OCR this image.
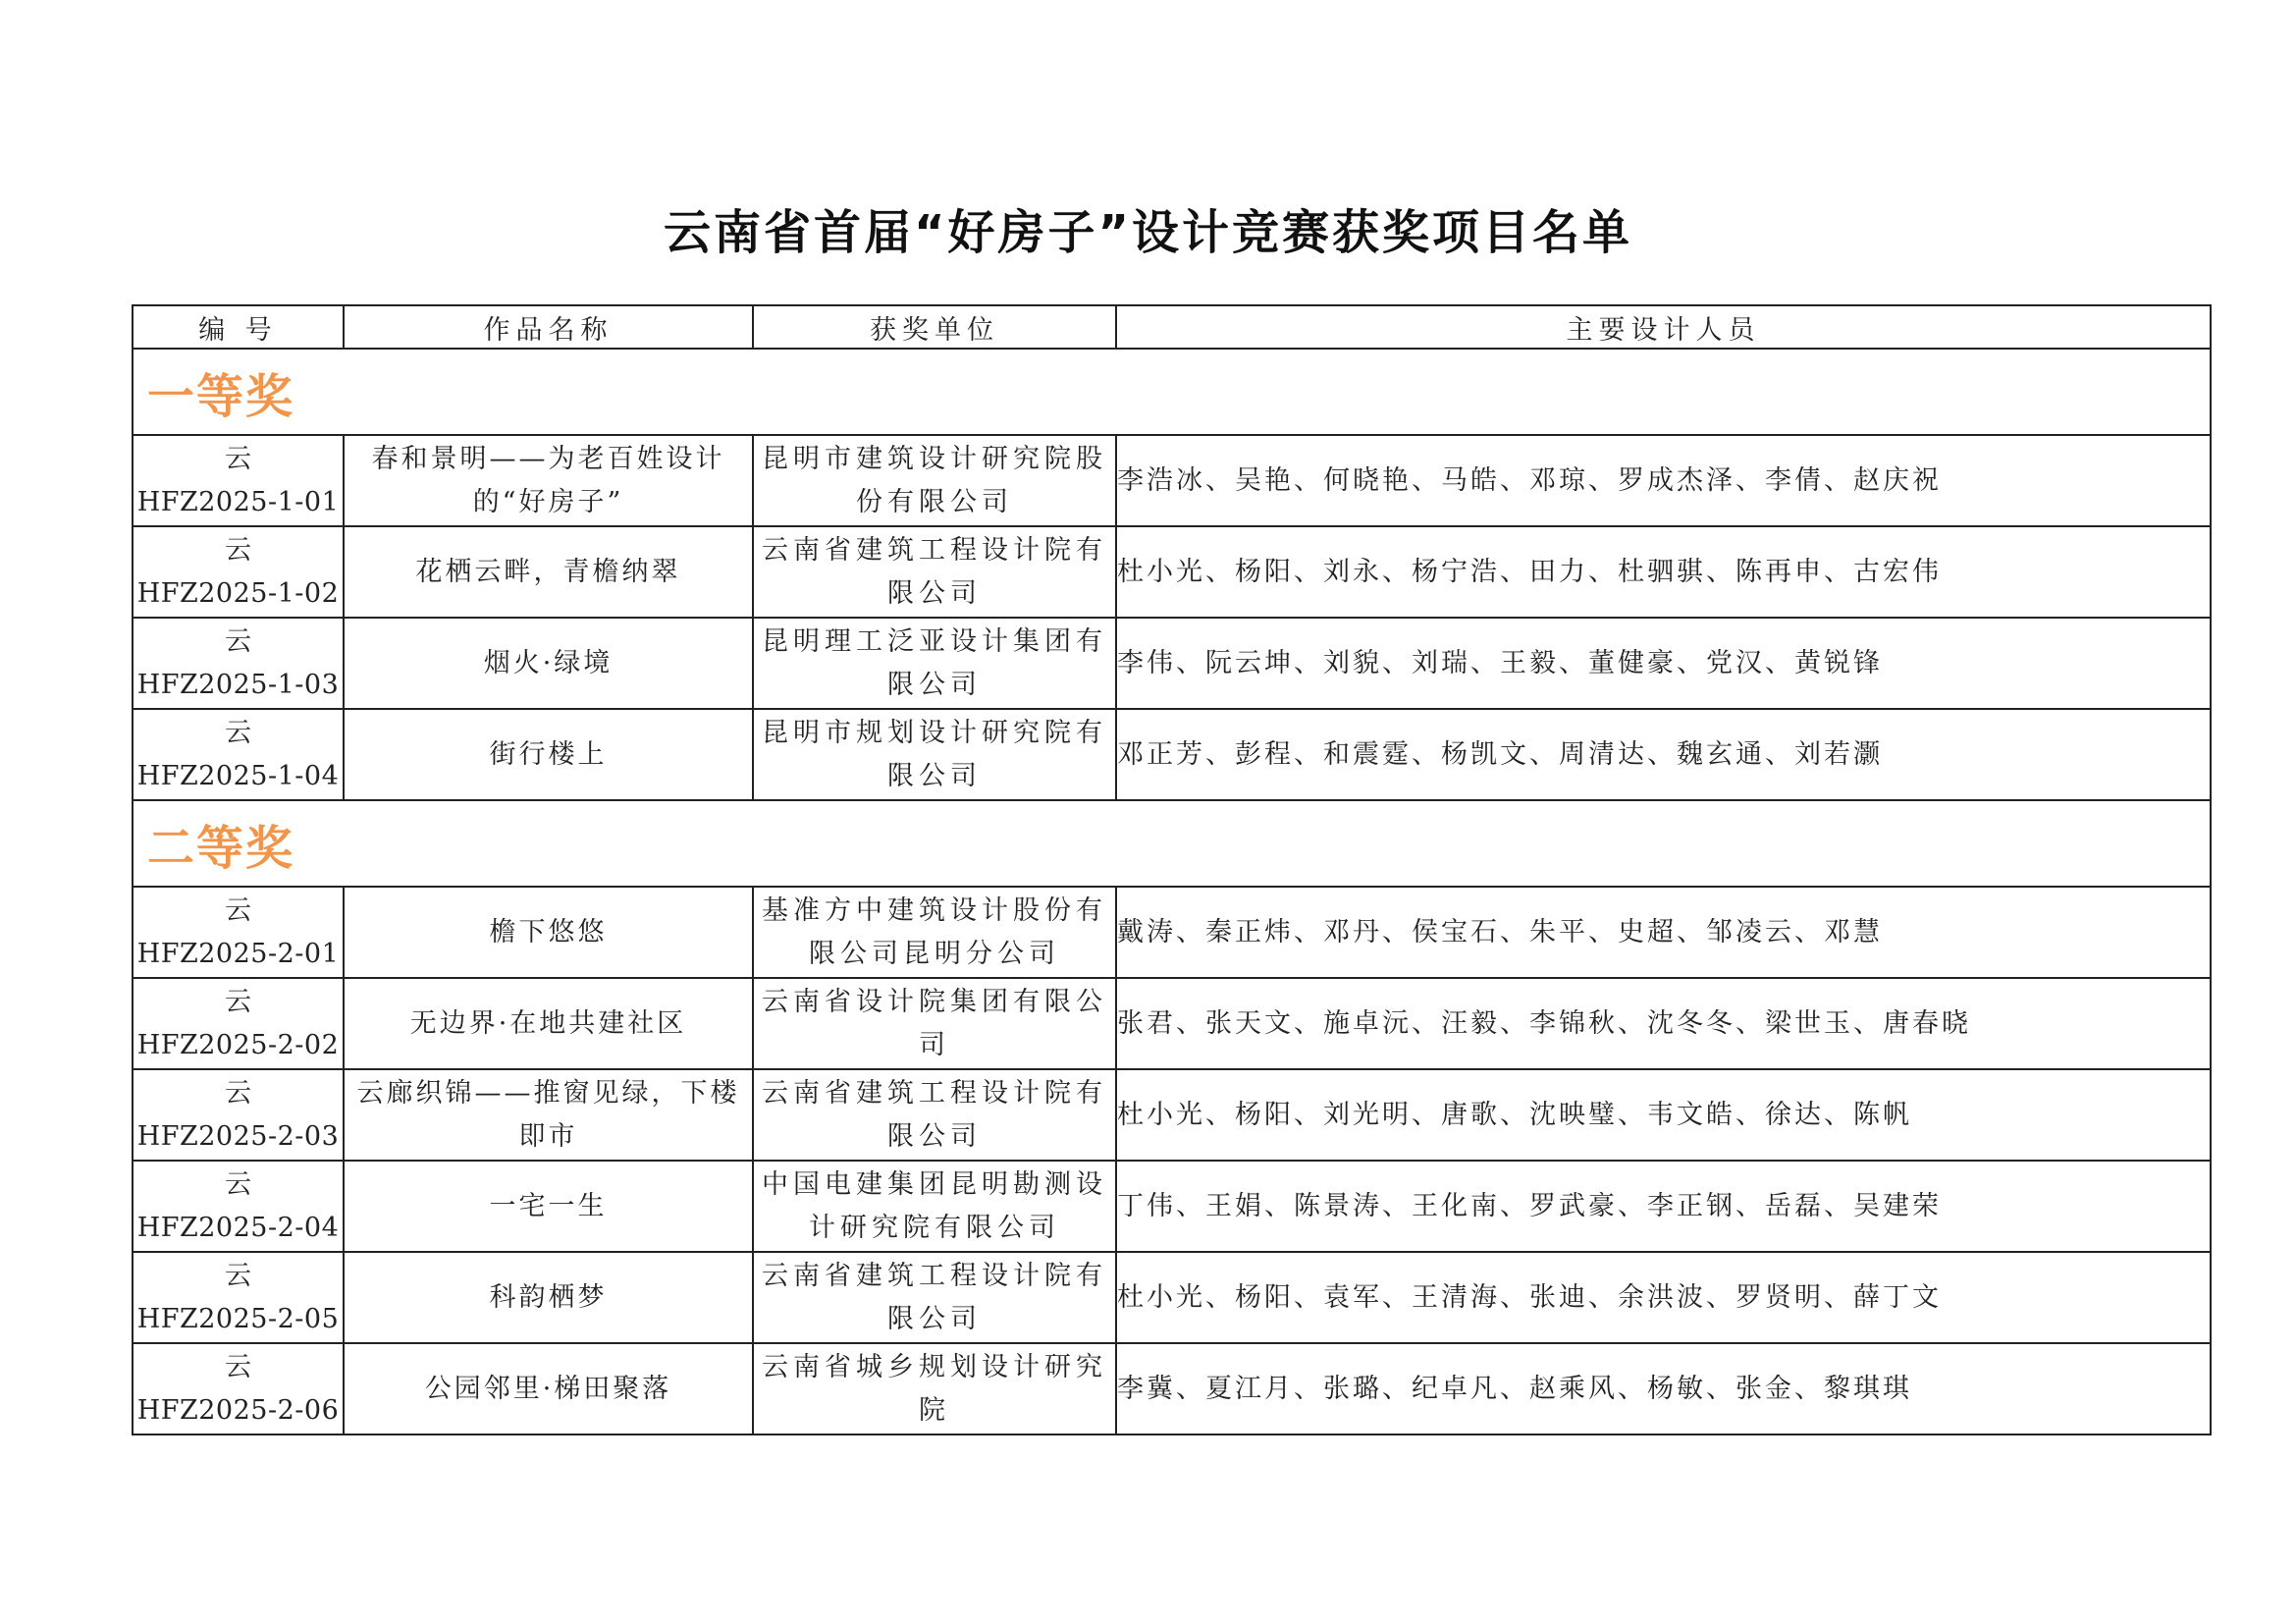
云南省首届“好房子”设计竞赛获奖项目名单
编 号	作品名称	获奖单位	主要设计人员
一等奖			

云
HFZ2025-1-01	春和景明——为老百姓设计的“好房子”	昆明市建筑设计研究院股份有限公司	李浩冰、吴艳、何晓艳、马皓、邓琼、罗成杰泽、李倩、赵庆祝

云
HFZ2025-1-02	花栖云畔，青檐纳翠	云南省建筑工程设计院有限公司	杜小光、杨阳、刘永、杨宁浩、田力、杜驷骐、陈再申、古宏伟

云
HFZ2025-1-03	烟火·绿境	昆明理工泛亚设计集团有限公司	李伟、阮云坤、刘貌、刘瑞、王毅、董健豪、党汉、黄锐锋

云
HFZ2025-1-04	街行楼上	昆明市规划设计研究院有限公司	邓正芳、彭程、和震霆、杨凯文、周清达、魏玄通、刘若灏
二等奖			

云
HFZ2025-2-01	檐下悠悠	基准方中建筑设计股份有限公司昆明分公司	戴涛、秦正炜、邓丹、侯宝石、朱平、史超、邹凌云、邓慧

云
HFZ2025-2-02	无边界·在地共建社区	云南省设计院集团有限公司	张君、张天文、施卓沅、汪毅、李锦秋、沈冬冬、梁世玉、唐春晓

云
HFZ2025-2-03	云廊织锦——推窗见绿，下楼即市	云南省建筑工程设计院有限公司	杜小光、杨阳、刘光明、唐歌、沈映璧、韦文皓、徐达、陈帆

云
HFZ2025-2-04	一宅一生	中国电建集团昆明勘测设计研究院有限公司	丁伟、王娟、陈景涛、王化南、罗武豪、李正钢、岳磊、吴建荣

云
HFZ2025-2-05	科韵栖梦	云南省建筑工程设计院有限公司	杜小光、杨阳、袁军、王清海、张迪、余洪波、罗贤明、薛丁文

云
HFZ2025-2-06	公园邻里·梯田聚落	云南省城乡规划设计研究院	李冀、夏江月、张璐、纪卓凡、赵乘风、杨敏、张金、黎琪琪
